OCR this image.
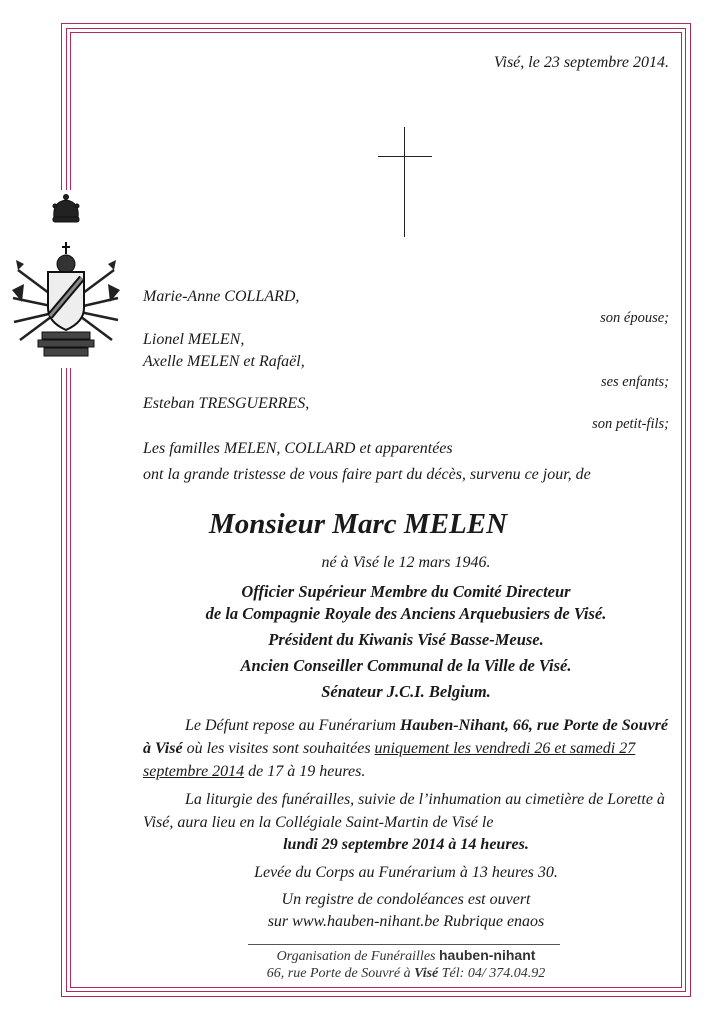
Visé, le 23 septembre 2014.
Marie-Anne COLLARD,
son épouse;
Lionel MELEN,
Axelle MELEN et Rafaël,
ses enfants;
Esteban TRESGUERRES,
son petit-fils;
Les familles MELEN, COLLARD et apparentées
ont la grande tristesse de vous faire part du décès, survenu ce jour, de
Monsieur Marc MELEN
né à Visé le 12 mars 1946.
Officier Supérieur Membre du Comité Directeur
de la Compagnie Royale des Anciens Arquebusiers de Visé.
Président du Kiwanis Visé Basse-Meuse.
Ancien Conseiller Communal de la Ville de Visé.
Sénateur J.C.I. Belgium.
Le Défunt repose au Funérarium Hauben-Nihant, 66, rue Porte de Souvré à Visé où les visites sont souhaitées uniquement les vendredi 26 et samedi 27 septembre 2014 de 17 à 19 heures.
La liturgie des funérailles, suivie de l’inhumation au cimetière de Lorette à Visé, aura lieu en la Collégiale Saint-Martin de Visé le
lundi 29 septembre 2014 à 14 heures.
Levée du Corps au Funérarium à 13 heures 30.
Un registre de condoléances est ouvert
sur www.hauben-nihant.be Rubrique enaos
Organisation de Funérailles hauben-nihant
66, rue Porte de Souvré à Visé Tél: 04/ 374.04.92
